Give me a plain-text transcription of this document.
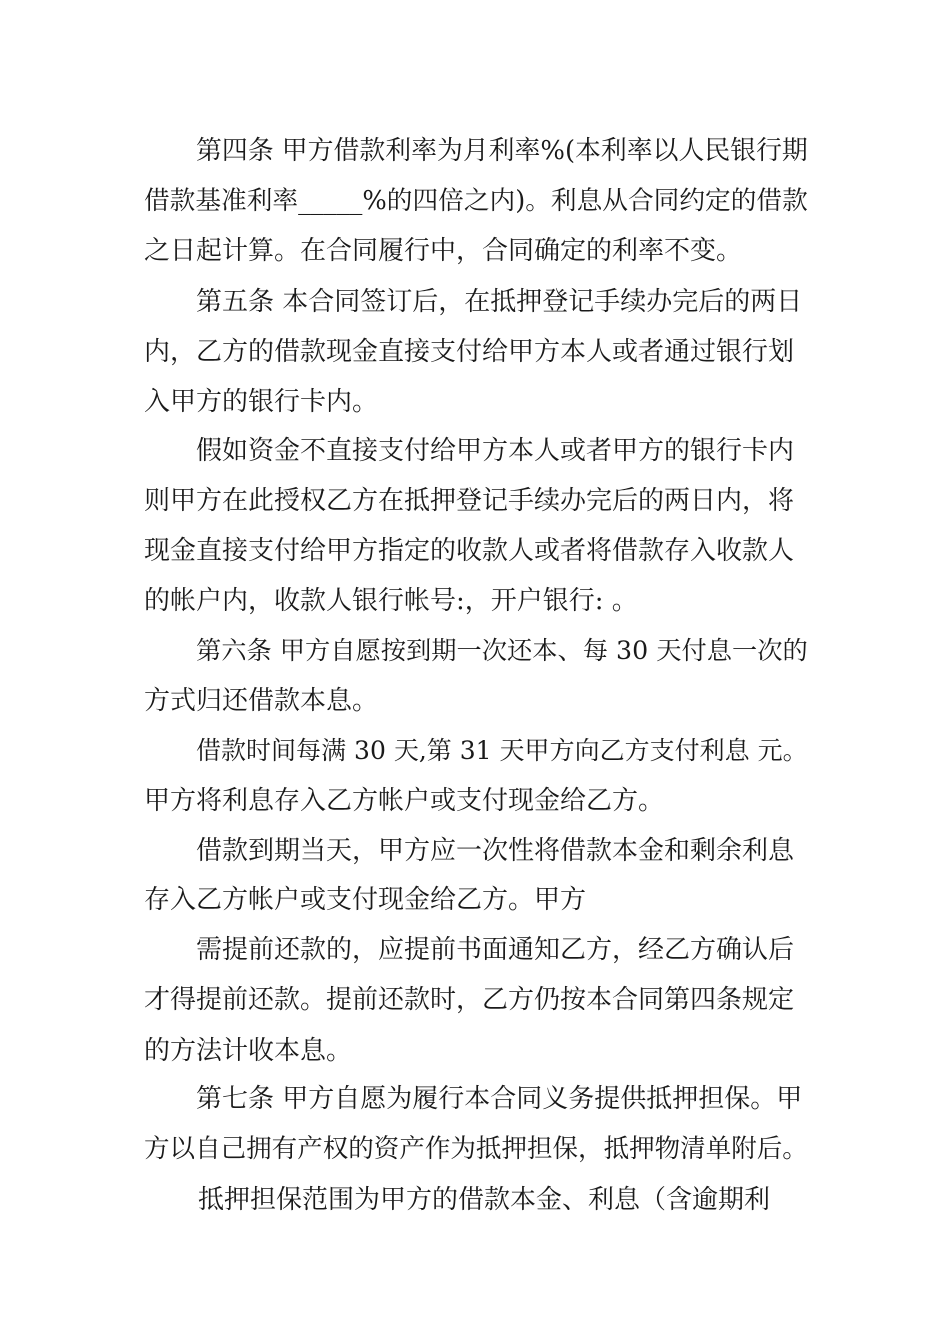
第四条 甲方借款利率为月利率%(本利率以人民银行期

借款基准利率_____%的四倍之内)。利息从合同约定的借款

之日起计算。在合同履行中，合同确定的利率不变。

第五条 本合同签订后，在抵押登记手续办完后的两日

内，乙方的借款现金直接支付给甲方本人或者通过银行划

入甲方的银行卡内。

假如资金不直接支付给甲方本人或者甲方的银行卡内

则甲方在此授权乙方在抵押登记手续办完后的两日内，将

现金直接支付给甲方指定的收款人或者将借款存入收款人

的帐户内，收款人银行帐号:，开户银行: 。

第六条 甲方自愿按到期一次还本、每 30 天付息一次的

方式归还借款本息。

借款时间每满 30 天,第 31 天甲方向乙方支付利息 元。

甲方将利息存入乙方帐户或支付现金给乙方。

借款到期当天，甲方应一次性将借款本金和剩余利息

存入乙方帐户或支付现金给乙方。甲方

需提前还款的，应提前书面通知乙方，经乙方确认后

才得提前还款。提前还款时，乙方仍按本合同第四条规定

的方法计收本息。

第七条 甲方自愿为履行本合同义务提供抵押担保。甲

方以自己拥有产权的资产作为抵押担保，抵押物清单附后。

抵押担保范围为甲方的借款本金、利息（含逾期利
